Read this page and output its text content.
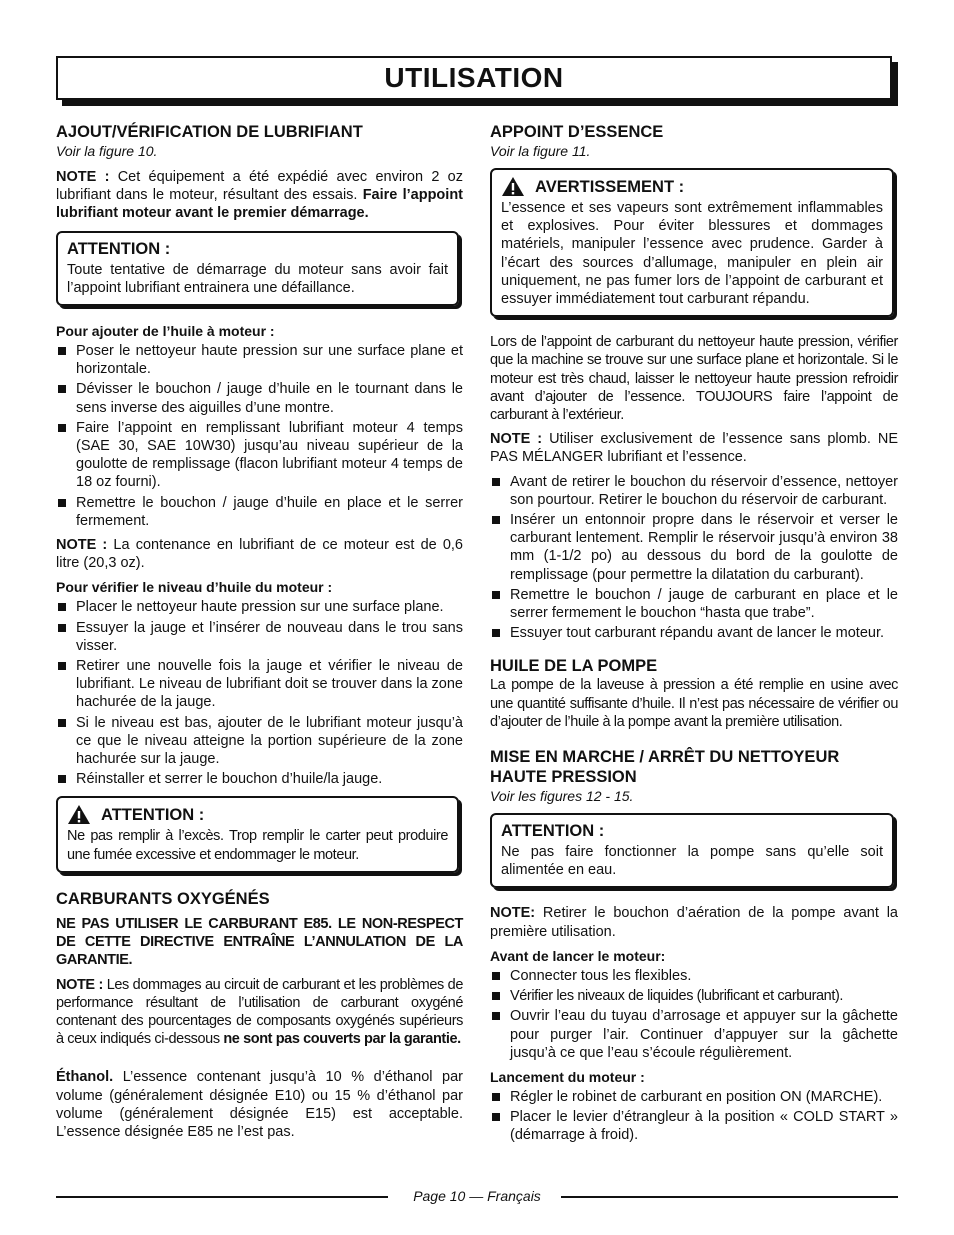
UTILISATION
AJOUT/VÉRIFICATION DE LUBRIFIANT
Voir la figure 10.

NOTE : Cet équipement a été expédié avec environ 2 oz lubrifiant dans le moteur, résultant des essais. Faire l’appoint lubrifiant moteur avant le premier démarrage.

ATTENTION :

Toute tentative de démarrage du moteur sans avoir fait l’appoint lubrifiant entrainera une défaillance.

Pour ajouter de l’huile à moteur :
Poser le nettoyeur haute pression sur une surface plane et horizontale.
Dévisser le bouchon / jauge d’huile en le tournant dans le sens inverse des aiguilles d’une montre.
Faire l’appoint en remplissant lubrifiant moteur 4 temps (SAE 30, SAE 10W30) jusqu’au niveau supérieur de la goulotte de remplissage (flacon lubrifiant moteur 4 temps de 18 oz fourni).
Remettre le bouchon / jauge d’huile en place et le serrer fermement.

NOTE : La contenance en lubrifiant de ce moteur est de 0,6 litre (20,3 oz).

Pour vérifier le niveau d’huile du moteur :
Placer le nettoyeur haute pression sur une surface plane.
Essuyer la jauge et l’insérer de nouveau dans le trou sans visser.
Retirer une nouvelle fois la jauge et vérifier le niveau de lubrifiant. Le niveau de lubrifiant doit se trouver dans la zone hachurée de la jauge.
Si le niveau est bas, ajouter de le lubrifiant moteur jusqu’à ce que le niveau atteigne la portion supérieure de la zone hachurée sur la jauge.
Réinstaller et serrer le bouchon d’huile/la jauge.
ATTENTION :

Ne pas remplir à l’excès. Trop remplir le carter peut produire une fumée excessive et endommager le moteur.

CARBURANTS OXYGÉNÉS

NE PAS UTILISER LE CARBURANT E85. LE NON-RESPECT DE CETTE DIRECTIVE ENTRAÎNE L’ANNULATION DE LA GARANTIE.

NOTE : Les dommages au circuit de carburant et les problèmes de performance résultant de l’utilisation de carburant oxygéné contenant des pourcentages de composants oxygénés supérieurs à ceux indiqués ci-dessous ne sont pas couverts par la garantie.

Éthanol. L’essence contenant jusqu’à 10 % d’éthanol par volume (généralement désignée E10) ou 15 % d’éthanol par volume (généralement désignée E15) est acceptable. L’essence désignée E85 ne l’est pas.

APPOINT D’ESSENCE
Voir la figure 11.
AVERTISSEMENT :

L’essence et ses vapeurs sont extrêmement inflammables et explosives. Pour éviter blessures et dommages matériels, manipuler l’essence avec prudence. Garder à l’écart des sources d’allumage, manipuler en plein air uniquement, ne pas fumer lors de l’appoint de carburant et essuyer immédiatement tout carburant répandu.

Lors de l’appoint de carburant du nettoyeur haute pression, vérifier que la machine se trouve sur une surface plane et horizontale. Si le moteur est très chaud, laisser le nettoyeur haute pression refroidir avant d’ajouter de l’essence. TOUJOURS faire l’appoint de carburant à l’extérieur.

NOTE : Utiliser exclusivement de l’essence sans plomb. NE PAS MÉLANGER lubrifiant et l’essence.

Avant de retirer le bouchon du réservoir d’essence, nettoyer son pourtour. Retirer le bouchon du réservoir de carburant.
Insérer un entonnoir propre dans le réservoir et verser le carburant lentement. Remplir le réservoir jusqu’à environ 38 mm (1-1/2 po) au dessous du bord de la goulotte de remplissage (pour permettre la dilatation du carburant).
Remettre le bouchon / jauge de carburant en place et le serrer fermement le bouchon “hasta que trabe”.
Essuyer tout carburant répandu avant de lancer le moteur.
HUILE DE LA POMPE

La pompe de la laveuse à pression a été remplie en usine avec une quantité suffisante d’huile. Il n’est pas nécessaire de vérifier ou d’ajouter de l’huile à la pompe avant la première utilisation.

MISE EN MARCHE / ARRÊT DU NETTOYEUR HAUTE PRESSION
Voir les figures 12 - 15.
ATTENTION :

Ne pas faire fonctionner la pompe sans qu’elle soit alimentée en eau.

NOTE: Retirer le bouchon d’aération de la pompe avant la première utilisation.

Avant de lancer le moteur:
Connecter tous les flexibles.
Vérifier les niveaux de liquides (lubrificant et carburant).
Ouvrir l’eau du tuyau d’arrosage et appuyer sur la gâchette pour purger l’air. Continuer d’appuyer sur la gâchette jusqu’à ce que l’eau s’écoule régulièrement.
Lancement du moteur :
Régler le robinet de carburant en position ON (MARCHE).
Placer le levier d’étrangleur à la position « COLD START » (démarrage à froid).
Page 10 — Français
